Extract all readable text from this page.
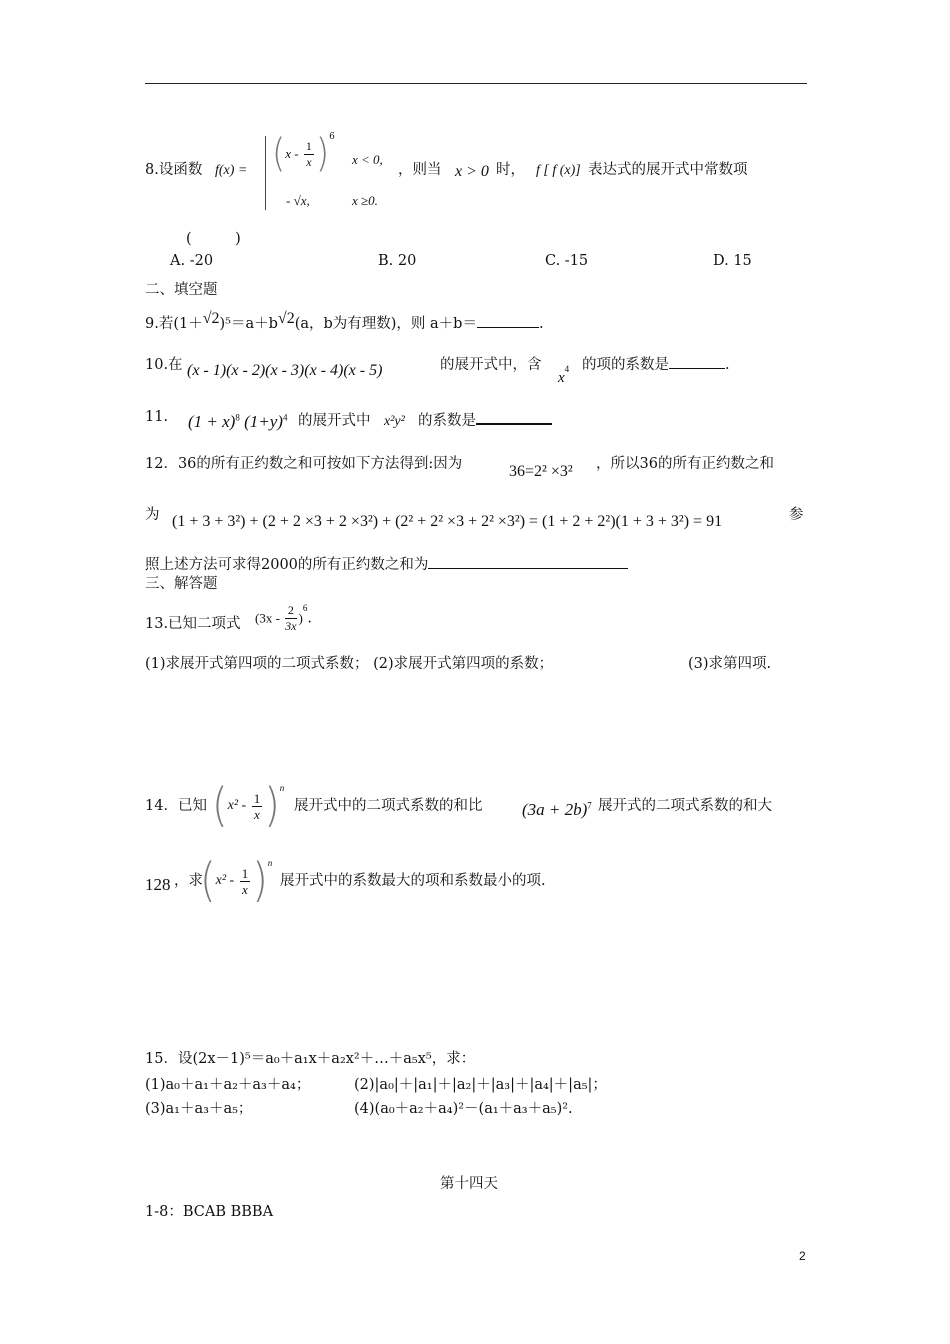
8.设函数 $f(x) = (x - \frac{1}{x} )^6$
x < 0,
，则当 x > 0 时， f [ f (x)] 表达式的展开式中常数项
- √x,	x ≥0.
(　　　)
A. -20	B. 20	C. -15	D. 15
二、填空题
9.若(1＋√2)⁵＝a＋b√2(a，b为有理数)，则 a＋b＝	.
10.在 (x - 1)(x - 2)(x - 3)(x - 4)(x - 5)	的展开式中，含
$x^4$ 的项的系数是	.
11. $(1 + x)^8$ $(1+y)^4$ 的展开式中 x²y² 的系数是
12．36的所有正约数之和可按如下方法得到:因为	36=2² ×3² ，所以36的所有正约数之和
为 (1 + 3 + 3²) + (2 + 2 ×3 + 2 ×3²) + (2² + 2² ×3 + 2² ×3²) = (1 + 2 + 2²)(1 + 3 + 3²) = 91	参
照上述方法可求得2000的所有正约数之和为
三、解答题
13.已知二项式 $(3x - \frac{2}{3x} )^6$.
(1)求展开式第四项的二项式系数； (2)求展开式第四项的系数；	(3)求第四项.
14．已知 $(x^2 - \frac{1}{x} )^n$
展开式中的二项式系数的和比 $(3a + 2b)^7$ 展开式的二项式系数的和大
128 ，求
$(x^2 - \frac{1}{x} )^n$
展开式中的系数最大的项和系数最小的项.
15．设(2x－1)⁵＝a₀＋a₁x＋a₂x²＋…＋a₅x⁵，求：
(1)a₀＋a₁＋a₂＋a₃＋a₄；	(2)|a₀|＋|a₁|＋|a₂|＋|a₃|＋|a₄|＋|a₅|；
(3)a₁＋a₃＋a₅；	(4)(a₀＋a₂＋a₄)²－(a₁＋a₃＋a₅)².
第十四天
1-8：BCAB BBBA
2
